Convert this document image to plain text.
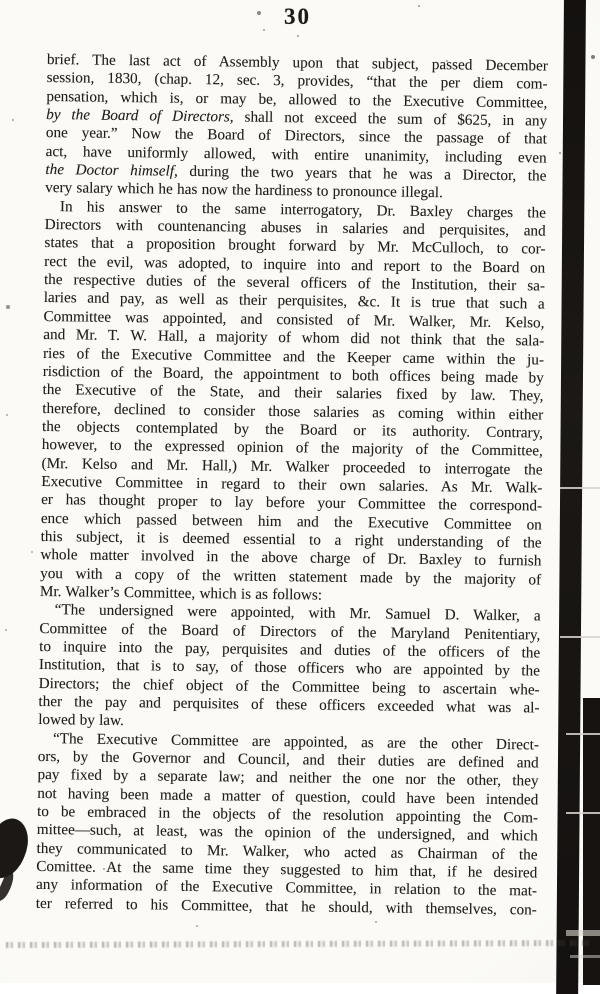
30
brief. The last act of Assembly upon that subject, passed December
session, 1830, (chap. 12, sec. 3, provides, “that the per diem com-
pensation, which is, or may be, allowed to the Executive Committee,
by the Board of Directors, shall not exceed the sum of $625, in any
one year.” Now the Board of Directors, since the passage of that
act, have uniformly allowed, with entire unanimity, including even
the Doctor himself, during the two years that he was a Director, the
very salary which he has now the hardiness to pronounce illegal.
In his answer to the same interrogatory, Dr. Baxley charges the
Directors with countenancing abuses in salaries and perquisites, and
states that a proposition brought forward by Mr. McCulloch, to cor-
rect the evil, was adopted, to inquire into and report to the Board on
the respective duties of the several officers of the Institution, their sa-
laries and pay, as well as their perquisites, &c. It is true that such a
Committee was appointed, and consisted of Mr. Walker, Mr. Kelso,
and Mr. T. W. Hall, a majority of whom did not think that the sala-
ries of the Executive Committee and the Keeper came within the ju-
risdiction of the Board, the appointment to both offices being made by
the Executive of the State, and their salaries fixed by law. They,
therefore, declined to consider those salaries as coming within either
the objects contemplated by the Board or its authority. Contrary,
however, to the expressed opinion of the majority of the Committee,
(Mr. Kelso and Mr. Hall,) Mr. Walker proceeded to interrogate the
Executive Committee in regard to their own salaries. As Mr. Walk-
er has thought proper to lay before your Committee the correspond-
ence which passed between him and the Executive Committee on
this subject, it is deemed essential to a right understanding of the
whole matter involved in the above charge of Dr. Baxley to furnish
you with a copy of the written statement made by the majority of
Mr. Walker’s Committee, which is as follows:
“The undersigned were appointed, with Mr. Samuel D. Walker, a
Committee of the Board of Directors of the Maryland Penitentiary,
to inquire into the pay, perquisites and duties of the officers of the
Institution, that is to say, of those officers who are appointed by the
Directors; the chief object of the Committee being to ascertain whe-
ther the pay and perquisites of these officers exceeded what was al-
lowed by law.
“The Executive Committee are appointed, as are the other Direct-
ors, by the Governor and Council, and their duties are defined and
pay fixed by a separate law; and neither the one nor the other, they
not having been made a matter of question, could have been intended
to be embraced in the objects of the resolution appointing the Com-
mittee—such, at least, was the opinion of the undersigned, and which
they communicated to Mr. Walker, who acted as Chairman of the
Comittee. At the same time they suggested to him that, if he desired
any information of the Executive Committee, in relation to the mat-
ter referred to his Committee, that he should, with themselves, con-
